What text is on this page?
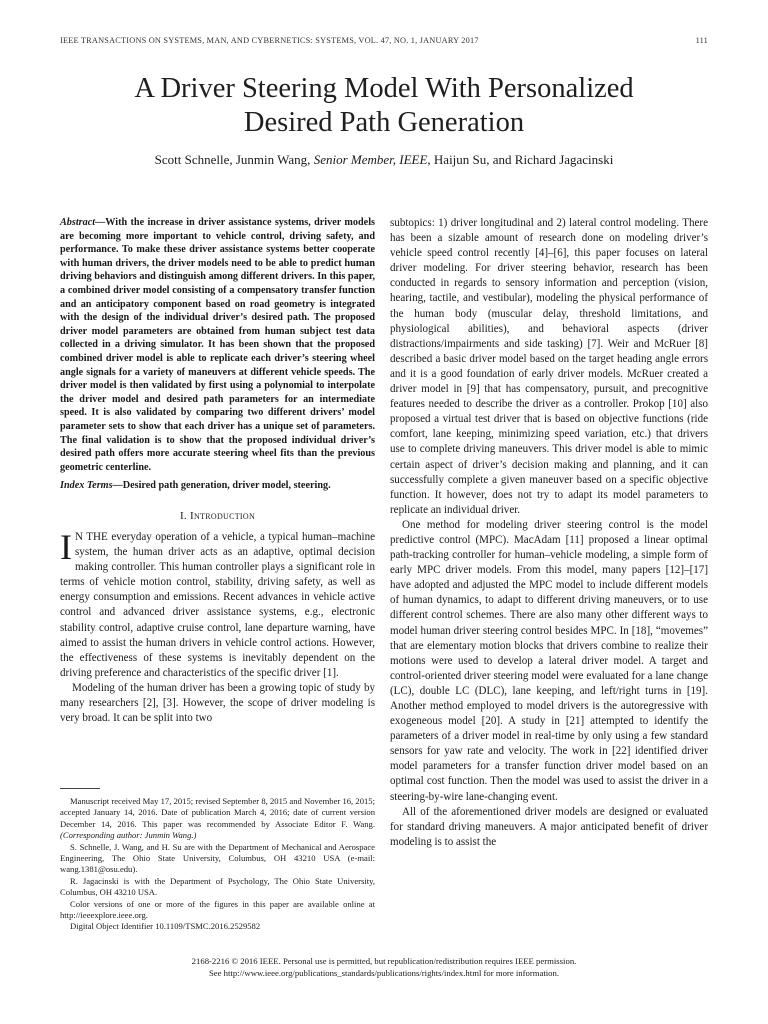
IEEE TRANSACTIONS ON SYSTEMS, MAN, AND CYBERNETICS: SYSTEMS, VOL. 47, NO. 1, JANUARY 2017	111
A Driver Steering Model With Personalized
Desired Path Generation
Scott Schnelle, Junmin Wang, Senior Member, IEEE, Haijun Su, and Richard Jagacinski

Abstract—With the increase in driver assistance systems, driver models are becoming more important to vehicle control, driving safety, and performance. To make these driver assistance systems better cooperate with human drivers, the driver models need to be able to predict human driving behaviors and distinguish among different drivers. In this paper, a combined driver model consisting of a compensatory transfer function and an anticipatory component based on road geometry is integrated with the design of the individual driver’s desired path. The proposed driver model parameters are obtained from human subject test data collected in a driving simulator. It has been shown that the proposed combined driver model is able to replicate each driver’s steering wheel angle signals for a variety of maneuvers at different vehicle speeds. The driver model is then validated by first using a polynomial to interpolate the driver model and desired path parameters for an intermediate speed. It is also validated by comparing two different drivers’ model parameter sets to show that each driver has a unique set of parameters. The final validation is to show that the proposed individual driver’s desired path offers more accurate steering wheel fits than the previous geometric centerline.

Index Terms—Desired path generation, driver model, steering.

I. Introduction

I N THE everyday operation of a vehicle, a typical human–machine system, the human driver acts as an adaptive, optimal decision making controller. This human controller plays a significant role in terms of vehicle motion control, stability, driving safety, as well as energy consumption and emissions. Recent advances in vehicle active control and advanced driver assistance systems, e.g., electronic stability control, adaptive cruise control, lane departure warning, have aimed to assist the human drivers in vehicle control actions. However, the effectiveness of these systems is inevitably dependent on the driving preference and characteristics of the specific driver [1].

Modeling of the human driver has been a growing topic of study by many researchers [2], [3]. However, the scope of driver modeling is very broad. It can be split into two

Manuscript received May 17, 2015; revised September 8, 2015 and November 16, 2015; accepted January 14, 2016. Date of publication March 4, 2016; date of current version December 14, 2016. This paper was recommended by Associate Editor F. Wang. (Corresponding author: Junmin Wang.)

S. Schnelle, J. Wang, and H. Su are with the Department of Mechanical and Aerospace Engineering, The Ohio State University, Columbus, OH 43210 USA (e-mail: wang.1381@osu.edu).

R. Jagacinski is with the Department of Psychology, The Ohio State University, Columbus, OH 43210 USA.

Color versions of one or more of the figures in this paper are available online at http://ieeexplore.ieee.org.

Digital Object Identifier 10.1109/TSMC.2016.2529582

subtopics: 1) driver longitudinal and 2) lateral control modeling. There has been a sizable amount of research done on modeling driver’s vehicle speed control recently [4]–[6], this paper focuses on lateral driver modeling. For driver steering behavior, research has been conducted in regards to sensory information and perception (vision, hearing, tactile, and vestibular), modeling the physical performance of the human body (muscular delay, threshold limitations, and physiological abilities), and behavioral aspects (driver distractions/impairments and side tasking) [7]. Weir and McRuer [8] described a basic driver model based on the target heading angle errors and it is a good foundation of early driver models. McRuer created a driver model in [9] that has compensatory, pursuit, and precognitive features needed to describe the driver as a controller. Prokop [10] also proposed a virtual test driver that is based on objective functions (ride comfort, lane keeping, minimizing speed variation, etc.) that drivers use to complete driving maneuvers. This driver model is able to mimic certain aspect of driver’s decision making and planning, and it can successfully complete a given maneuver based on a specific objective function. It however, does not try to adapt its model parameters to replicate an individual driver.

One method for modeling driver steering control is the model predictive control (MPC). MacAdam [11] proposed a linear optimal path-tracking controller for human–vehicle modeling, a simple form of early MPC driver models. From this model, many papers [12]–[17] have adopted and adjusted the MPC model to include different models of human dynamics, to adapt to different driving maneuvers, or to use different control schemes. There are also many other different ways to model human driver steering control besides MPC. In [18], “movemes” that are elementary motion blocks that drivers combine to realize their motions were used to develop a lateral driver model. A target and control-oriented driver steering model were evaluated for a lane change (LC), double LC (DLC), lane keeping, and left/right turns in [19]. Another method employed to model drivers is the autoregressive with exogeneous model [20]. A study in [21] attempted to identify the parameters of a driver model in real-time by only using a few standard sensors for yaw rate and velocity. The work in [22] identified driver model parameters for a transfer function driver model based on an optimal cost function. Then the model was used to assist the driver in a steering-by-wire lane-changing event.

All of the aforementioned driver models are designed or evaluated for standard driving maneuvers. A major anticipated benefit of driver modeling is to assist the

2168-2216 © 2016 IEEE. Personal use is permitted, but republication/redistribution requires IEEE permission.
See http://www.ieee.org/publications_standards/publications/rights/index.html for more information.
